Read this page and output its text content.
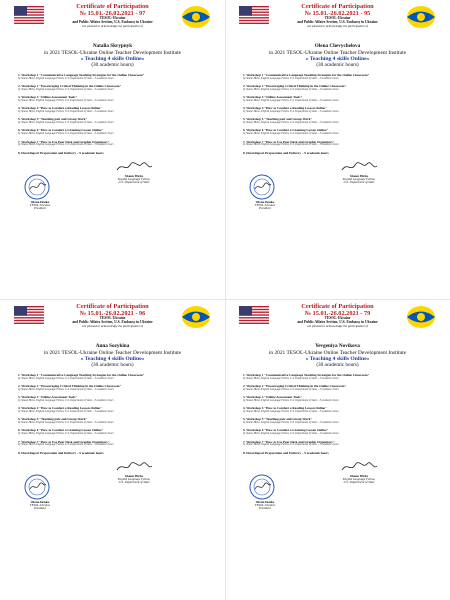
Certificate of Participation
№ 15.01.-26.02.2021 - 97
TESOL-Ukraine
and Public Affairs Section, U.S. Embassy in Ukraine
are pleased to acknowledge the participation of
Natalia Skrypnyk
in 2021 TESOL-Ukraine Online Teacher Development Institute
« Teaching 4 skills Online»
(30 academic hours)
1. Workshop 1 "Communicative Language Teaching Strategies for the Online Classroom"
by Shaun Hicks, English Language Fellow, U.S. Department of State – 3 academic hours
2. Workshop 2 "Encouraging Critical Thinking in the Online Classroom"
by Shaun Hicks, English Language Fellow, U.S. Department of State – 3 academic hours
3. Workshop 3 "Online Assessment Tools"
by Shaun Hicks, English Language Fellow, U.S. Department of State – 3 academic hours
4. Workshop 4 "How to Conduct a Reading Lesson Online"
by Shaun Hicks, English Language Fellow, U.S. Department of State – 3 academic hours
5. Workshop 5 "Teaching pair and Group Work"
by Shaun Hicks, English Language Fellow, U.S. Department of State – 3 academic hours
6. Workshop 6 "How to Conduct a Listening Lesson Online"
by Shaun Hicks, English Language Fellow, U.S. Department of State – 3 academic hours
7. Workshop 7 "How to Use Pear Deck and Graphic Organizers"
by Shaun Hicks, English Language Fellow, U.S. Department of State – 3 academic hours
8. Final Report Preparation and Delivery – 9 academic hours
Shaun Hicks
English Language Fellow,
U.S. Department of State
Olena Ilenko
TESOL-Ukraine
President
Certificate of Participation
№ 15.01.-26.02.2021 - 95
TESOL-Ukraine
and Public Affairs Section, U.S. Embassy in Ukraine
are pleased to acknowledge the participation of
Olena Chevychelova
in 2021 TESOL-Ukraine Online Teacher Development Institute
« Teaching 4 skills Online»
(30 academic hours)
1. Workshop 1 "Communicative Language Teaching Strategies for the Online Classroom"
by Shaun Hicks, English Language Fellow, U.S. Department of State – 3 academic hours
2. Workshop 2 "Encouraging Critical Thinking in the Online Classroom"
by Shaun Hicks, English Language Fellow, U.S. Department of State – 3 academic hours
3. Workshop 3 "Online Assessment Tools"
by Shaun Hicks, English Language Fellow, U.S. Department of State – 3 academic hours
4. Workshop 4 "How to Conduct a Reading Lesson Online"
by Shaun Hicks, English Language Fellow, U.S. Department of State – 3 academic hours
5. Workshop 5 "Teaching pair and Group Work"
by Shaun Hicks, English Language Fellow, U.S. Department of State – 3 academic hours
6. Workshop 6 "How to Conduct a Listening Lesson Online"
by Shaun Hicks, English Language Fellow, U.S. Department of State – 3 academic hours
7. Workshop 7 "How to Use Pear Deck and Graphic Organizers"
by Shaun Hicks, English Language Fellow, U.S. Department of State – 3 academic hours
8. Final Report Preparation and Delivery – 9 academic hours
Shaun Hicks
English Language Fellow,
U.S. Department of State
Olena Ilenko
TESOL-Ukraine
President
Certificate of Participation
№ 15.01.-26.02.2021 - 96
TESOL-Ukraine
and Public Affairs Section, U.S. Embassy in Ukraine
are pleased to acknowledge the participation of
Anna Sozykina
in 2021 TESOL-Ukraine Online Teacher Development Institute
« Teaching 4 skills Online»
(30 academic hours)
1. Workshop 1 "Communicative Language Teaching Strategies for the Online Classroom"
by Shaun Hicks, English Language Fellow, U.S. Department of State – 3 academic hours
2. Workshop 2 "Encouraging Critical Thinking in the Online Classroom"
by Shaun Hicks, English Language Fellow, U.S. Department of State – 3 academic hours
3. Workshop 3 "Online Assessment Tools"
by Shaun Hicks, English Language Fellow, U.S. Department of State – 3 academic hours
4. Workshop 4 "How to Conduct a Reading Lesson Online"
by Shaun Hicks, English Language Fellow, U.S. Department of State – 3 academic hours
5. Workshop 5 "Teaching pair and Group Work"
by Shaun Hicks, English Language Fellow, U.S. Department of State – 3 academic hours
6. Workshop 6 "How to Conduct a Listening Lesson Online"
by Shaun Hicks, English Language Fellow, U.S. Department of State – 3 academic hours
7. Workshop 7 "How to Use Pear Deck and Graphic Organizers"
by Shaun Hicks, English Language Fellow, U.S. Department of State – 3 academic hours
8. Final Report Preparation and Delivery – 9 academic hours
Shaun Hicks
English Language Fellow,
U.S. Department of State
Olena Ilenko
TESOL-Ukraine
President
Certificate of Participation
№ 15.01.-26.02.2021 - 79
TESOL-Ukraine
and Public Affairs Section, U.S. Embassy in Ukraine
are pleased to acknowledge the participation of
Yevgeniya Novikova
in 2021 TESOL-Ukraine Online Teacher Development Institute
« Teaching 4 skills Online»
(30 academic hours)
1. Workshop 1 "Communicative Language Teaching Strategies for the Online Classroom"
by Shaun Hicks, English Language Fellow, U.S. Department of State – 3 academic hours
2. Workshop 2 "Encouraging Critical Thinking in the Online Classroom"
by Shaun Hicks, English Language Fellow, U.S. Department of State – 3 academic hours
3. Workshop 3 "Online Assessment Tools"
by Shaun Hicks, English Language Fellow, U.S. Department of State – 3 academic hours
4. Workshop 4 "How to Conduct a Reading Lesson Online"
by Shaun Hicks, English Language Fellow, U.S. Department of State – 3 academic hours
5. Workshop 5 "Teaching pair and Group Work"
by Shaun Hicks, English Language Fellow, U.S. Department of State – 3 academic hours
6. Workshop 6 "How to Conduct a Listening Lesson Online"
by Shaun Hicks, English Language Fellow, U.S. Department of State – 3 academic hours
7. Workshop 7 "How to Use Pear Deck and Graphic Organizers"
by Shaun Hicks, English Language Fellow, U.S. Department of State – 3 academic hours
8. Final Report Preparation and Delivery – 9 academic hours
Shaun Hicks
English Language Fellow,
U.S. Department of State
Olena Ilenko
TESOL-Ukraine
President
